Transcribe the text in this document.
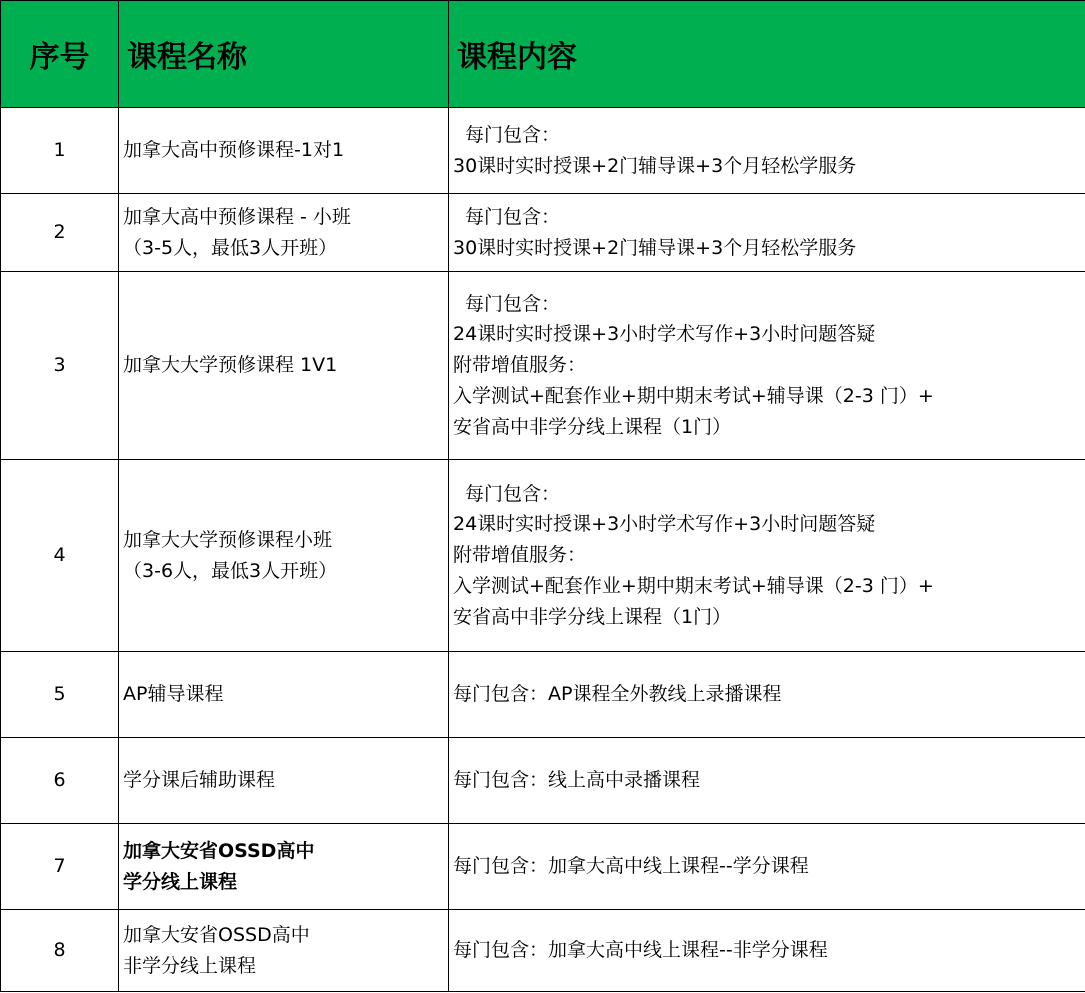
序号	课程名称	课程内容
1	加拿大高中预修课程-1对1	每门包含：
30课时实时授课+2门辅导课+3个月轻松学服务

2	加拿大高中预修课程 - 小班
（3-5人，最低3人开班）	每门包含：
30课时实时授课+2门辅导课+3个月轻松学服务

3	加拿大大学预修课程 1V1	每门包含：
24课时实时授课+3小时学术写作+3小时问题答疑
附带增值服务：
入学测试+配套作业+期中期末考试+辅导课（2-3 门）+
安省高中非学分线上课程（1门）

4	加拿大大学预修课程小班
（3-6人，最低3人开班）	每门包含：
24课时实时授课+3小时学术写作+3小时问题答疑
附带增值服务：
入学测试+配套作业+期中期末考试+辅导课（2-3 门）+
安省高中非学分线上课程（1门）

5	AP辅导课程	每门包含：AP课程全外教线上录播课程

6	学分课后辅助课程	每门包含：线上高中录播课程

7	加拿大安省OSSD高中
学分线上课程	每门包含：加拿大高中线上课程--学分课程

8	加拿大安省OSSD高中
非学分线上课程	每门包含：加拿大高中线上课程--非学分课程
